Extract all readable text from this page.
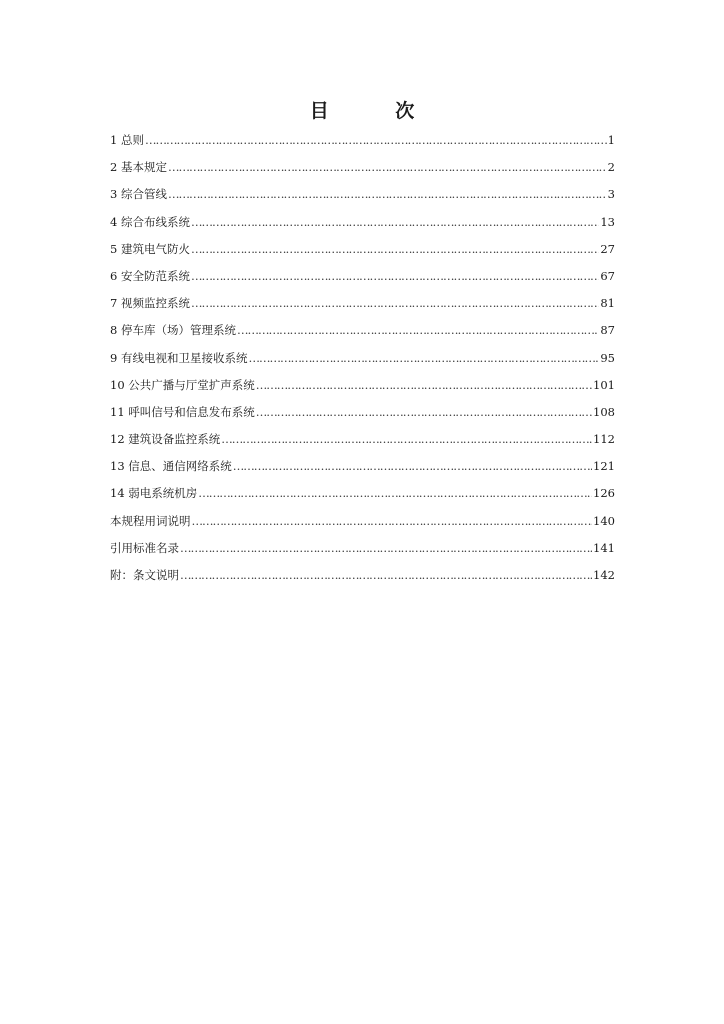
目 次
1 总则 ……………………………………………………………………………………………………………………………………………………	1
2 基本规定 ……………………………………………………………………………………………………………………………………………………	2
3 综合管线 ……………………………………………………………………………………………………………………………………………………	3
4 综合布线系统 ……………………………………………………………………………………………………………………………………………………	13
5 建筑电气防火 ……………………………………………………………………………………………………………………………………………………	27
6 安全防范系统 ……………………………………………………………………………………………………………………………………………………	67
7 视频监控系统 ……………………………………………………………………………………………………………………………………………………	81
8 停车库（场）管理系统 ……………………………………………………………………………………………………………………………………………………	87
9 有线电视和卫星接收系统 ……………………………………………………………………………………………………………………………………………………	95
10 公共广播与厅堂扩声系统 ……………………………………………………………………………………………………………………………………………………	101
11 呼叫信号和信息发布系统 ……………………………………………………………………………………………………………………………………………………	108
12 建筑设备监控系统 ……………………………………………………………………………………………………………………………………………………	112
13 信息、通信网络系统 ……………………………………………………………………………………………………………………………………………………	121
14 弱电系统机房 ……………………………………………………………………………………………………………………………………………………	126
本规程用词说明 ……………………………………………………………………………………………………………………………………………………	140
引用标准名录 ……………………………………………………………………………………………………………………………………………………	141
附：条文说明 ……………………………………………………………………………………………………………………………………………………	142
